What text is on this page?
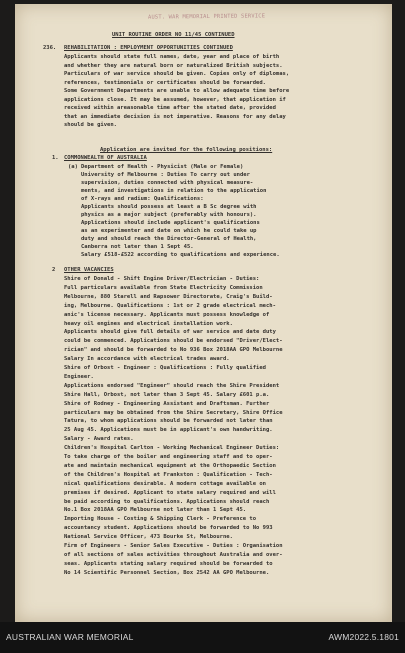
AUST. WAR MEMORIAL PRINTED SERVICE
UNIT ROUTINE ORDER NO 11/45 CONTINUED
236. REHABILITATION : EMPLOYMENT OPPORTUNITIES CONTINUED
Application are invited for the following positions:
1. COMMONWEALTH OF AUSTRALIA
(a)
2 OTHER VACANCIES
Applicants should state full names, date, year and place of birth
and whether they are natural born or naturalized British subjects.
Particulars of war service should be given. Copies only of diplomas,
references, testimonials or certificates should be forwarded.
Some Government Departments are unable to allow adequate time before
applications close. It may be assumed, however, that application if
received within areasonable time after the stated date, provided
that an immediate decision is not imperative. Reasons for any delay
should be given.
Department of Health - Physicist (Male or Female)
University of Melbourne : Duties To carry out under
supervision, duties connected with physical measure-
ments, and investigations in relation to the application
of X-rays and radium: Qualifications:
Applicants should possess at least a B Sc degree with
physics as a major subject (preferably with honours).
Applications should include applicant's qualifications
as an experimenter and date on which he could take up
duty and should reach the Director-General of Health,
Canberra not later than 1 Sept 45.
Salary £518-£522 according to qualifications and experience.
Shire of Donald - Shift Engine Driver/Electrician - Duties:
Full particulars available from State Electricity Commission
Melbourne, 880 Starell and Rapsower Directorate, Craig's Build-
ing, Melbourne. Qualifications : 1st or 2 grade electrical mech-
anic's license necessary. Applicants must possess knowledge of
heavy oil engines and electrical installation work.
Applicants should give full details of war service and date duty
could be commenced. Applications should be endorsed "Driver/Elect-
rician" and should be forwarded to No 936 Box 2018AA GPO Melbourne
Salary In accordance with electrical trades award.
Shire of Orbost - Engineer : Qualifications : Fully qualified
Engineer.
Applications endorsed "Engineer" should reach the Shire President
Shire Hall, Orbost, not later than 3 Sept 45. Salary £601 p.a.
Shire of Rodney - Engineering Assistant and Draftsman. Further
particulars may be obtained from the Shire Secretary, Shire Office
Tatura, to whom applications should be forwarded not later than
25 Aug 45. Applications must be in applicant's own handwriting.
Salary - Award rates.
Children's Hospital Carlton - Working Mechanical Engineer Duties:
To take charge of the boiler and engineering staff and to oper-
ate and maintain mechanical equipment at the Orthopaedic Section
of the Children's Hospital at Frankston : Qualification - Tech-
nical qualifications desirable. A modern cottage available on
premises if desired. Applicant to state salary required and will
be paid according to qualifications. Applications should reach
No.1 Box 2018AA GPO Melbourne not later than 1 Sept 45.
Importing House - Costing & Shipping Clerk - Preference to
accountancy student. Applications should be forwarded to No 993
National Service Officer, 473 Bourke St, Melbourne.
Firm of Engineers - Senior Sales Executive - Duties : Organisation
of all sections of sales activities throughout Australia and over-
seas. Applicants stating salary required should be forwarded to
No 14 Scientific Personnel Section, Box 2542 AA GPO Melbourne.
AUSTRALIAN WAR MEMORIAL	AWM2022.5.1801
